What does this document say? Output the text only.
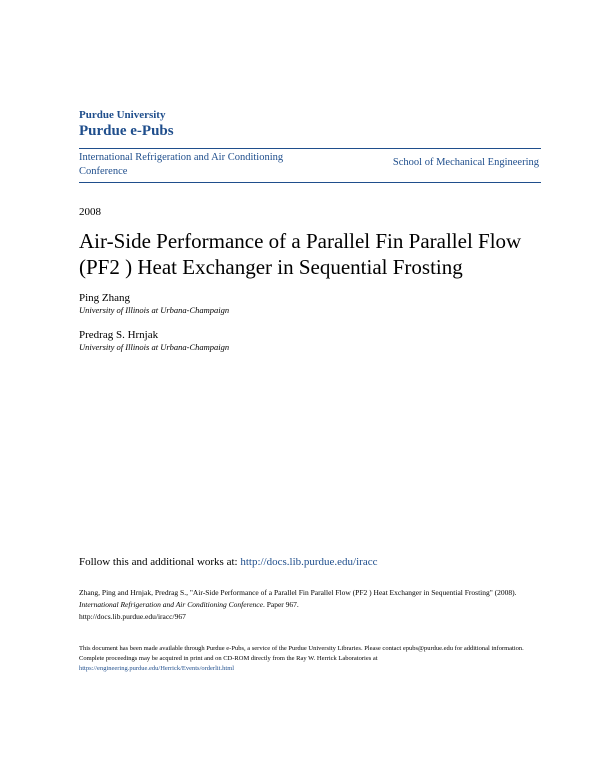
Purdue University
Purdue e-Pubs
International Refrigeration and Air Conditioning Conference
School of Mechanical Engineering
2008
Air-Side Performance of a Parallel Fin Parallel Flow (PF2 ) Heat Exchanger in Sequential Frosting
Ping Zhang
University of Illinois at Urbana-Champaign
Predrag S. Hrnjak
University of Illinois at Urbana-Champaign
Follow this and additional works at: http://docs.lib.purdue.edu/iracc
Zhang, Ping and Hrnjak, Predrag S., "Air-Side Performance of a Parallel Fin Parallel Flow (PF2 ) Heat Exchanger in Sequential Frosting" (2008). International Refrigeration and Air Conditioning Conference. Paper 967.
http://docs.lib.purdue.edu/iracc/967

This document has been made available through Purdue e-Pubs, a service of the Purdue University Libraries. Please contact epubs@purdue.edu for additional information.

Complete proceedings may be acquired in print and on CD-ROM directly from the Ray W. Herrick Laboratories at https://engineering.purdue.edu/Herrick/Events/orderlit.html
